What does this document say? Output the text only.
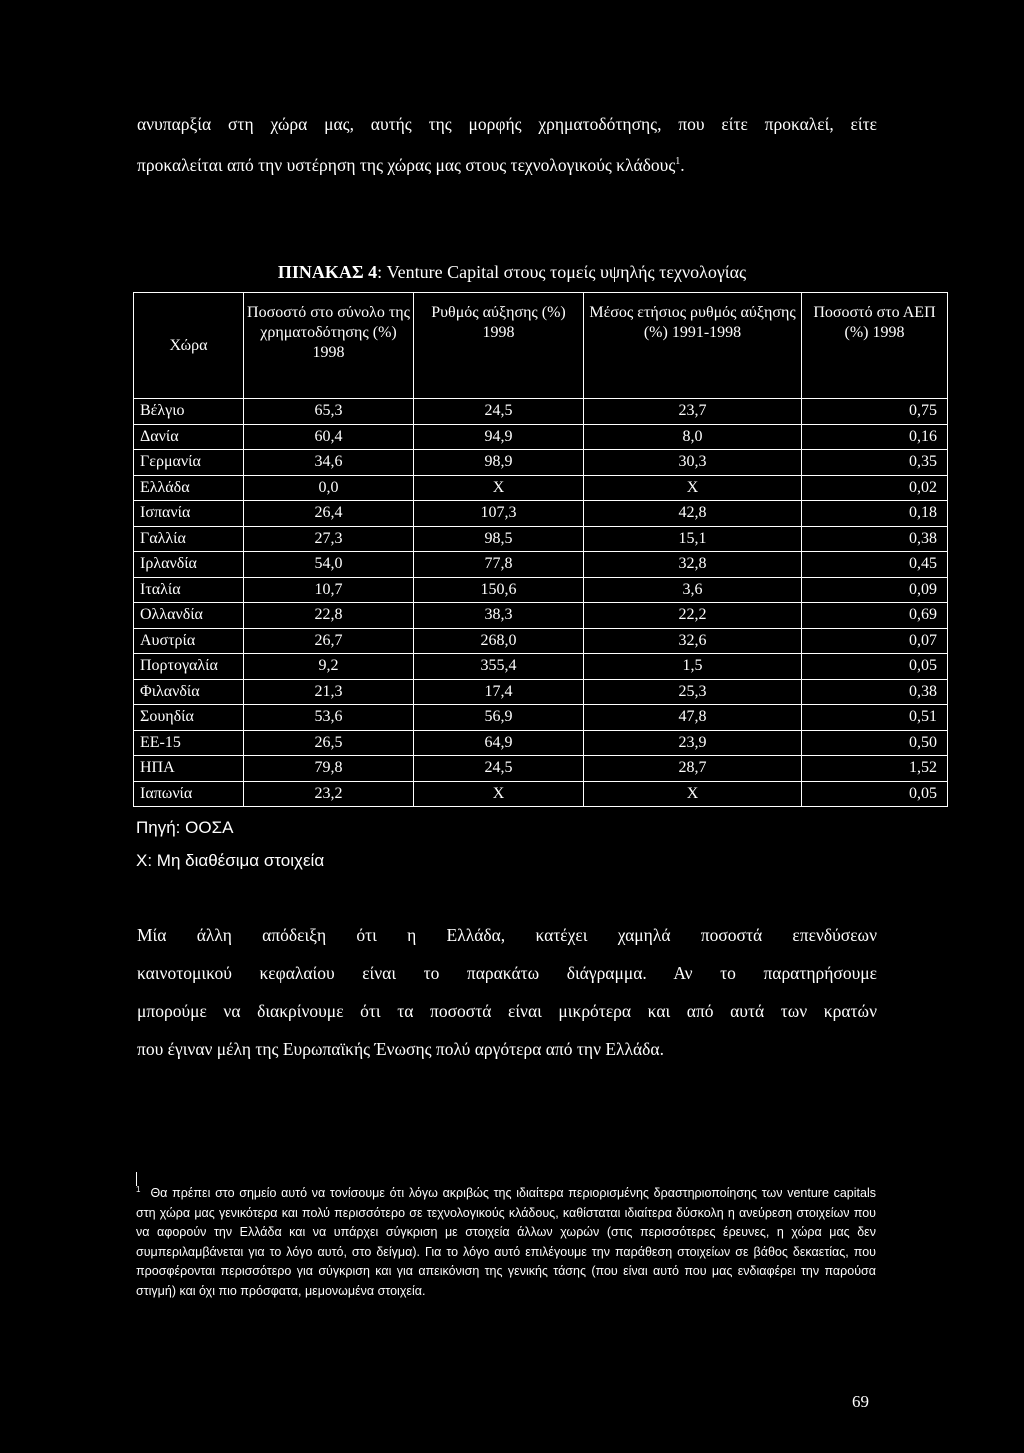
ανυπαρξία στη χώρα μας, αυτής της μορφής χρηματοδότησης, που είτε προκαλεί, είτε
προκαλείται από την υστέρηση της χώρας μας στους τεχνολογικούς κλάδους$^1$.
ΠΙΝΑΚΑΣ 4: Venture Capital στους τομείς υψηλής τεχνολογίας
Χώρα	Ποσοστό στο σύνολο της χρηματοδότησης (%) 1998	Ρυθμός αύξησης (%) 1998	Μέσος ετήσιος ρυθμός αύξησης (%) 1991-1998	Ποσοστό στο ΑΕΠ (%) 1998
Βέλγιο	65,3	24,5	23,7	0,75
Δανία	60,4	94,9	8,0	0,16
Γερμανία	34,6	98,9	30,3	0,35
Ελλάδα	0,0	X	X	0,02
Ισπανία	26,4	107,3	42,8	0,18
Γαλλία	27,3	98,5	15,1	0,38
Ιρλανδία	54,0	77,8	32,8	0,45
Ιταλία	10,7	150,6	3,6	0,09
Ολλανδία	22,8	38,3	22,2	0,69
Αυστρία	26,7	268,0	32,6	0,07
Πορτογαλία	9,2	355,4	1,5	0,05
Φιλανδία	21,3	17,4	25,3	0,38
Σουηδία	53,6	56,9	47,8	0,51
ΕΕ-15	26,5	64,9	23,9	0,50
ΗΠΑ	79,8	24,5	28,7	1,52
Ιαπωνία	23,2	X	X	0,05
Πηγή: ΟΟΣΑ
Χ: Μη διαθέσιμα στοιχεία
Μία άλλη απόδειξη ότι η Ελλάδα, κατέχει χαμηλά ποσοστά επενδύσεων
καινοτομικού κεφαλαίου είναι το παρακάτω διάγραμμα. Αν το παρατηρήσουμε
μπορούμε να διακρίνουμε ότι τα ποσοστά είναι μικρότερα και από αυτά των κρατών
που έγιναν μέλη της Ευρωπαϊκής Ένωσης πολύ αργότερα από την Ελλάδα.

$^1$ Θα πρέπει στο σημείο αυτό να τονίσουμε ότι λόγω ακριβώς της ιδιαίτερα περιορισμένης δραστηριοποίησης των venture capitals στη χώρα μας γενικότερα και πολύ περισσότερο σε τεχνολογικούς κλάδους, καθίσταται ιδιαίτερα δύσκολη η ανεύρεση στοιχείων που να αφορούν την Ελλάδα και να υπάρχει σύγκριση με στοιχεία άλλων χωρών (στις περισσότερες έρευνες, η χώρα μας δεν συμπεριλαμβάνεται για το λόγο αυτό, στο δείγμα). Για το λόγο αυτό επιλέγουμε την παράθεση στοιχείων σε βάθος δεκαετίας, που προσφέρονται περισσότερο για σύγκριση και για απεικόνιση της γενικής τάσης (που είναι αυτό που μας ενδιαφέρει την παρούσα στιγμή) και όχι πιο πρόσφατα, μεμονωμένα στοιχεία.

69
